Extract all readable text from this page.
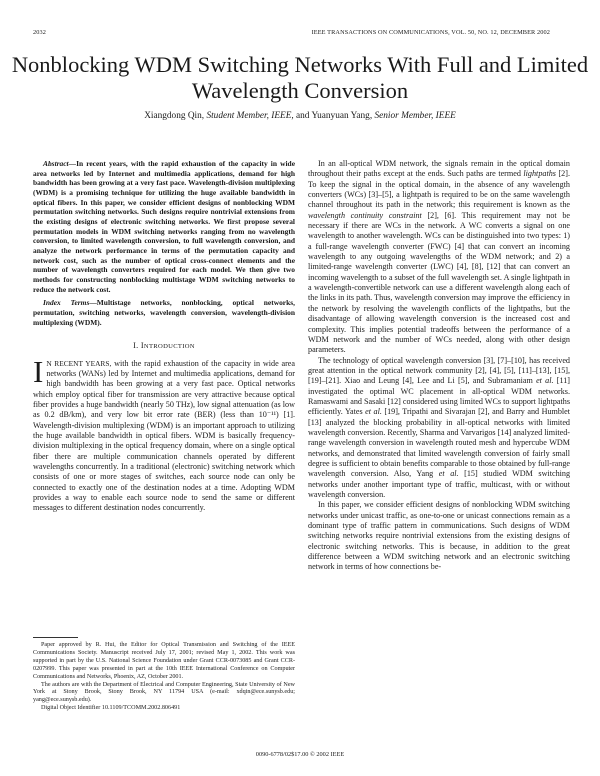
2032	IEEE TRANSACTIONS ON COMMUNICATIONS, VOL. 50, NO. 12, DECEMBER 2002
Nonblocking WDM Switching Networks With Full and Limited Wavelength Conversion
Xiangdong Qin, Student Member, IEEE, and Yuanyuan Yang, Senior Member, IEEE

Abstract—In recent years, with the rapid exhaustion of the capacity in wide area networks led by Internet and multimedia applications, demand for high bandwidth has been growing at a very fast pace. Wavelength-division multiplexing (WDM) is a promising technique for utilizing the huge available bandwidth in optical fibers. In this paper, we consider efficient designs of nonblocking WDM permutation switching networks. Such designs require nontrivial extensions from the existing designs of electronic switching networks. We first propose several permutation models in WDM switching networks ranging from no wavelength conversion, to limited wavelength conversion, to full wavelength conversion, and analyze the network performance in terms of the permutation capacity and network cost, such as the number of optical cross-connect elements and the number of wavelength converters required for each model. We then give two methods for constructing nonblocking multistage WDM switching networks to reduce the network cost.

Index Terms—Multistage networks, nonblocking, optical networks, permutation, switching networks, wavelength conversion, wavelength-division multiplexing (WDM).

I. INTRODUCTION

I N RECENT YEARS, with the rapid exhaustion of the capacity in wide area networks (WANs) led by Internet and multimedia applications, demand for high bandwidth has been growing at a very fast pace. Optical networks which employ optical fiber for transmission are very attractive because optical fiber provides a huge bandwidth (nearly 50 THz), low signal attenuation (as low as 0.2 dB/km), and very low bit error rate (BER) (less than 10⁻¹¹) [1]. Wavelength-division multiplexing (WDM) is an important approach to utilizing the huge available bandwidth in optical fibers. WDM is basically frequency-division multiplexing in the optical frequency domain, where on a single optical fiber there are multiple communication channels operated by different wavelengths concurrently. In a traditional (electronic) switching network which consists of one or more stages of switches, each source node can only be connected to exactly one of the destination nodes at a time. Adopting WDM provides a way to enable each source node to send the same or different messages to different destination nodes concurrently.

Paper approved by R. Hui, the Editor for Optical Transmission and Switching of the IEEE Communications Society. Manuscript received July 17, 2001; revised May 1, 2002. This work was supported in part by the U.S. National Science Foundation under Grant CCR-0073085 and Grant CCR-0207999. This paper was presented in part at the 10th IEEE International Conference on Computer Communications and Networks, Phoenix, AZ, October 2001.

The authors are with the Department of Electrical and Computer Engineering, State University of New York at Stony Brook, Stony Brook, NY 11794 USA (e-mail: xdqin@ece.sunysb.edu; yang@ece.sunysb.edu).

Digital Object Identifier 10.1109/TCOMM.2002.806491

In an all-optical WDM network, the signals remain in the optical domain throughout their paths except at the ends. Such paths are termed lightpaths [2]. To keep the signal in the optical domain, in the absence of any wavelength converters (WCs) [3]–[5], a lightpath is required to be on the same wavelength channel throughout its path in the network; this requirement is known as the wavelength continuity constraint [2], [6]. This requirement may not be necessary if there are WCs in the network. A WC converts a signal on one wavelength to another wavelength. WCs can be distinguished into two types: 1) a full-range wavelength converter (FWC) [4] that can convert an incoming wavelength to any outgoing wavelengths of the WDM network; and 2) a limited-range wavelength converter (LWC) [4], [8], [12] that can convert an incoming wavelength to a subset of the full wavelength set. A single lightpath in a wavelength-convertible network can use a different wavelength along each of the links in its path. Thus, wavelength conversion may improve the efficiency in the network by resolving the wavelength conflicts of the lightpaths, but the disadvantage of allowing wavelength conversion is the increased cost and complexity. This implies potential tradeoffs between the performance of a WDM network and the number of WCs needed, along with other design parameters.

The technology of optical wavelength conversion [3], [7]–[10], has received great attention in the optical network community [2], [4], [5], [11]–[13], [15], [19]–[21]. Xiao and Leung [4], Lee and Li [5], and Subramaniam et al. [11] investigated the optimal WC placement in all-optical WDM networks. Ramaswami and Sasaki [12] considered using limited WCs to support lightpaths efficiently. Yates et al. [19], Tripathi and Sivarajan [2], and Barry and Humblet [13] analyzed the blocking probability in all-optical networks with limited wavelength conversion. Recently, Sharma and Varvarigos [14] analyzed limited-range wavelength conversion in wavelength routed mesh and hypercube WDM networks, and demonstrated that limited wavelength conversion of fairly small degree is sufficient to obtain benefits comparable to those obtained by full-range wavelength conversion. Also, Yang et al. [15] studied WDM switching networks under another important type of traffic, multicast, with or without wavelength conversion.

In this paper, we consider efficient designs of nonblocking WDM switching networks under unicast traffic, as one-to-one or unicast connections remain as a dominant type of traffic pattern in communications. Such designs of WDM switching networks require nontrivial extensions from the existing designs of electronic switching networks. This is because, in addition to the great difference between a WDM switching network and an electronic switching network in terms of how connections be-

0090-6778/02$17.00 © 2002 IEEE
